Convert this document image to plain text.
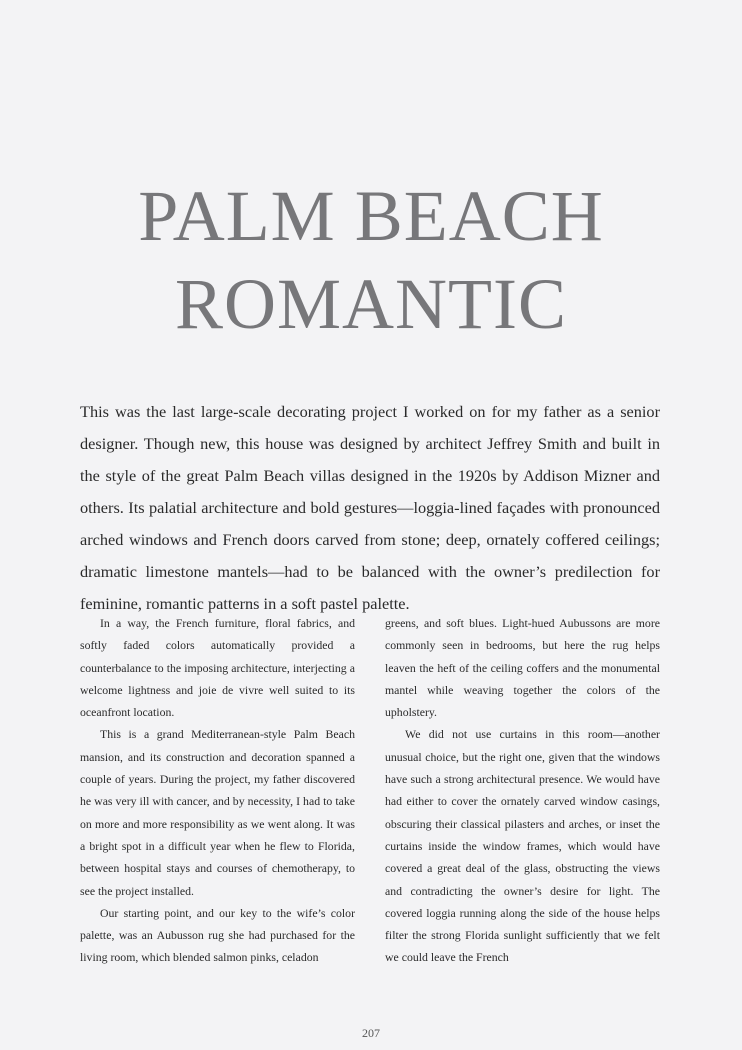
PALM BEACH
ROMANTIC

This was the last large-scale decorating project I worked on for my father as a senior designer. Though new, this house was designed by architect Jeffrey Smith and built in the style of the great Palm Beach villas designed in the 1920s by Addison Mizner and others. Its palatial architecture and bold gestures—loggia-lined façades with pronounced arched windows and French doors carved from stone; deep, ornately coffered ceilings; dramatic limestone mantels—had to be balanced with the owner’s predilection for feminine, romantic patterns in a soft pastel palette.

In a way, the French furniture, floral fabrics, and softly faded colors automatically provided a counterbalance to the imposing architecture, interjecting a welcome lightness and joie de vivre well suited to its oceanfront location.

This is a grand Mediterranean-style Palm Beach mansion, and its construction and decoration spanned a couple of years. During the project, my father discovered he was very ill with cancer, and by necessity, I had to take on more and more responsibility as we went along. It was a bright spot in a difficult year when he flew to Florida, between hospital stays and courses of chemotherapy, to see the project installed.

Our starting point, and our key to the wife’s color palette, was an Aubusson rug she had purchased for the living room, which blended salmon pinks, celadon

greens, and soft blues. Light-hued Aubussons are more commonly seen in bedrooms, but here the rug helps leaven the heft of the ceiling coffers and the monumental mantel while weaving together the colors of the upholstery.

We did not use curtains in this room—another unusual choice, but the right one, given that the windows have such a strong architectural presence. We would have had either to cover the ornately carved window casings, obscuring their classical pilasters and arches, or inset the curtains inside the window frames, which would have covered a great deal of the glass, obstructing the views and contradicting the owner’s desire for light. The covered loggia running along the side of the house helps filter the strong Florida sunlight sufficiently that we felt we could leave the French

207
